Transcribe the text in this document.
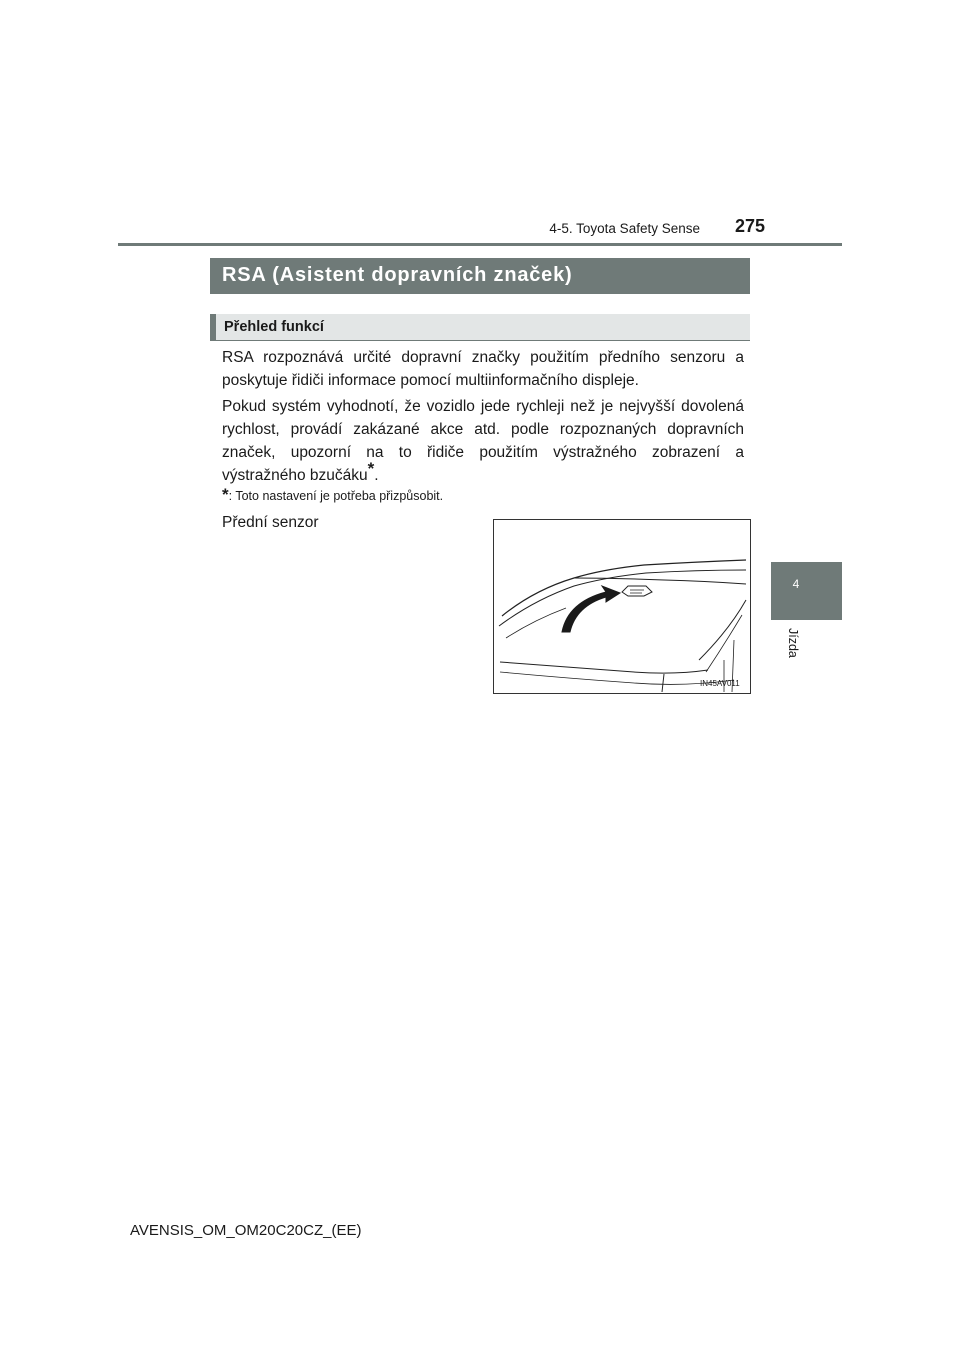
4-5. Toyota Safety Sense 275
4
Jízda
RSA (Asistent dopravních značek)
Přehled funkcí

RSA rozpoznává určité dopravní značky použitím předního senzoru a poskytuje řidiči informace pomocí multiinformačního displeje.

Pokud systém vyhodnotí, že vozidlo jede rychleji než je nejvyšší dovolená rychlost, provádí zakázané akce atd. podle rozpoznaných dopravních značek, upozorní na to řidiče použitím výstražného zobrazení a výstražného bzučáku*.

*: Toto nastavení je potřeba přizpůsobit.

Přední senzor

IN45AV011
AVENSIS_OM_OM20C20CZ_(EE)
